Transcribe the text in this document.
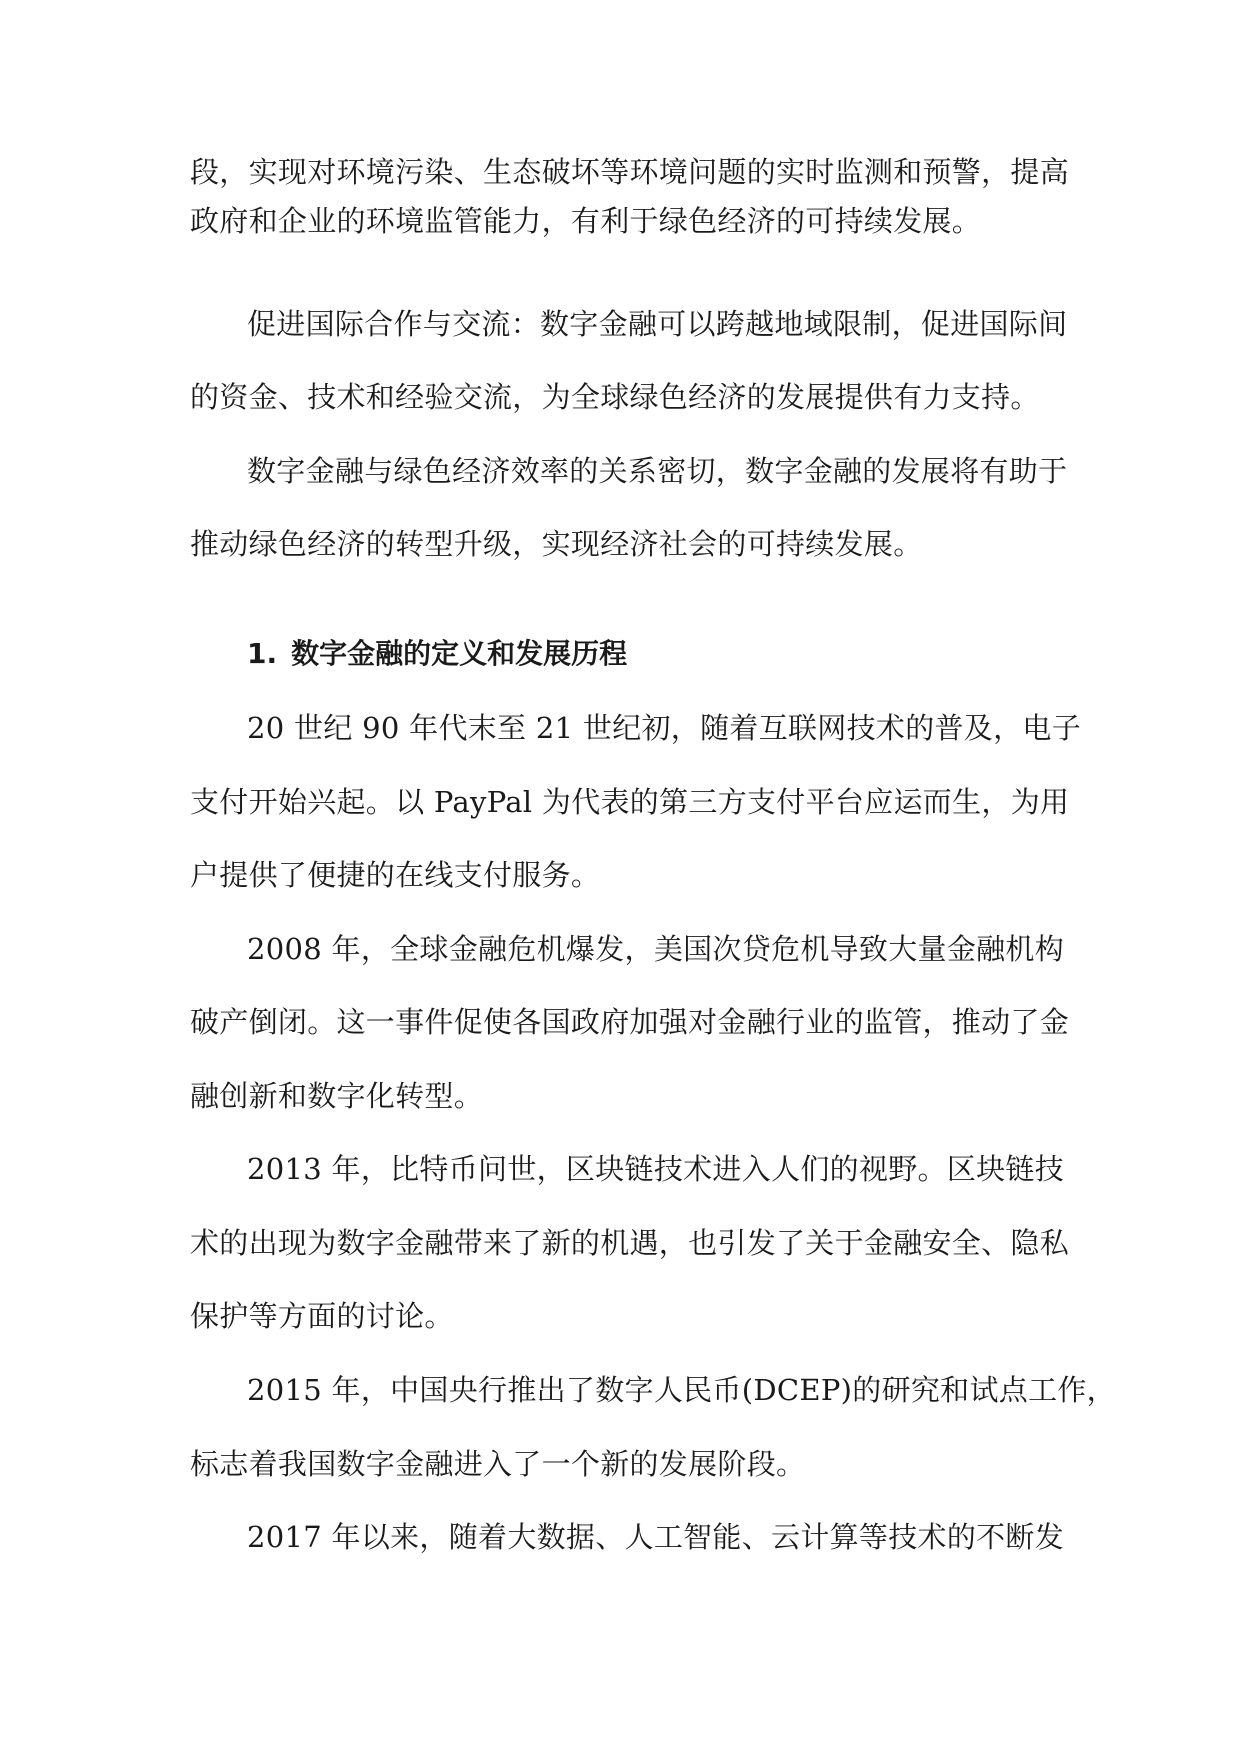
段，实现对环境污染、生态破坏等环境问题的实时监测和预警，提高
政府和企业的环境监管能力，有利于绿色经济的可持续发展。
促进国际合作与交流：数字金融可以跨越地域限制，促进国际间
的资金、技术和经验交流，为全球绿色经济的发展提供有力支持。
数字金融与绿色经济效率的关系密切，数字金融的发展将有助于
推动绿色经济的转型升级，实现经济社会的可持续发展。
1. 数字金融的定义和发展历程
20 世纪 90 年代末至 21 世纪初，随着互联网技术的普及，电子
支付开始兴起。以 PayPal 为代表的第三方支付平台应运而生，为用
户提供了便捷的在线支付服务。
2008 年，全球金融危机爆发，美国次贷危机导致大量金融机构
破产倒闭。这一事件促使各国政府加强对金融行业的监管，推动了金
融创新和数字化转型。
2013 年，比特币问世，区块链技术进入人们的视野。区块链技
术的出现为数字金融带来了新的机遇，也引发了关于金融安全、隐私
保护等方面的讨论。
2015 年，中国央行推出了数字人民币(DCEP)的研究和试点工作，
标志着我国数字金融进入了一个新的发展阶段。
2017 年以来，随着大数据、人工智能、云计算等技术的不断发
